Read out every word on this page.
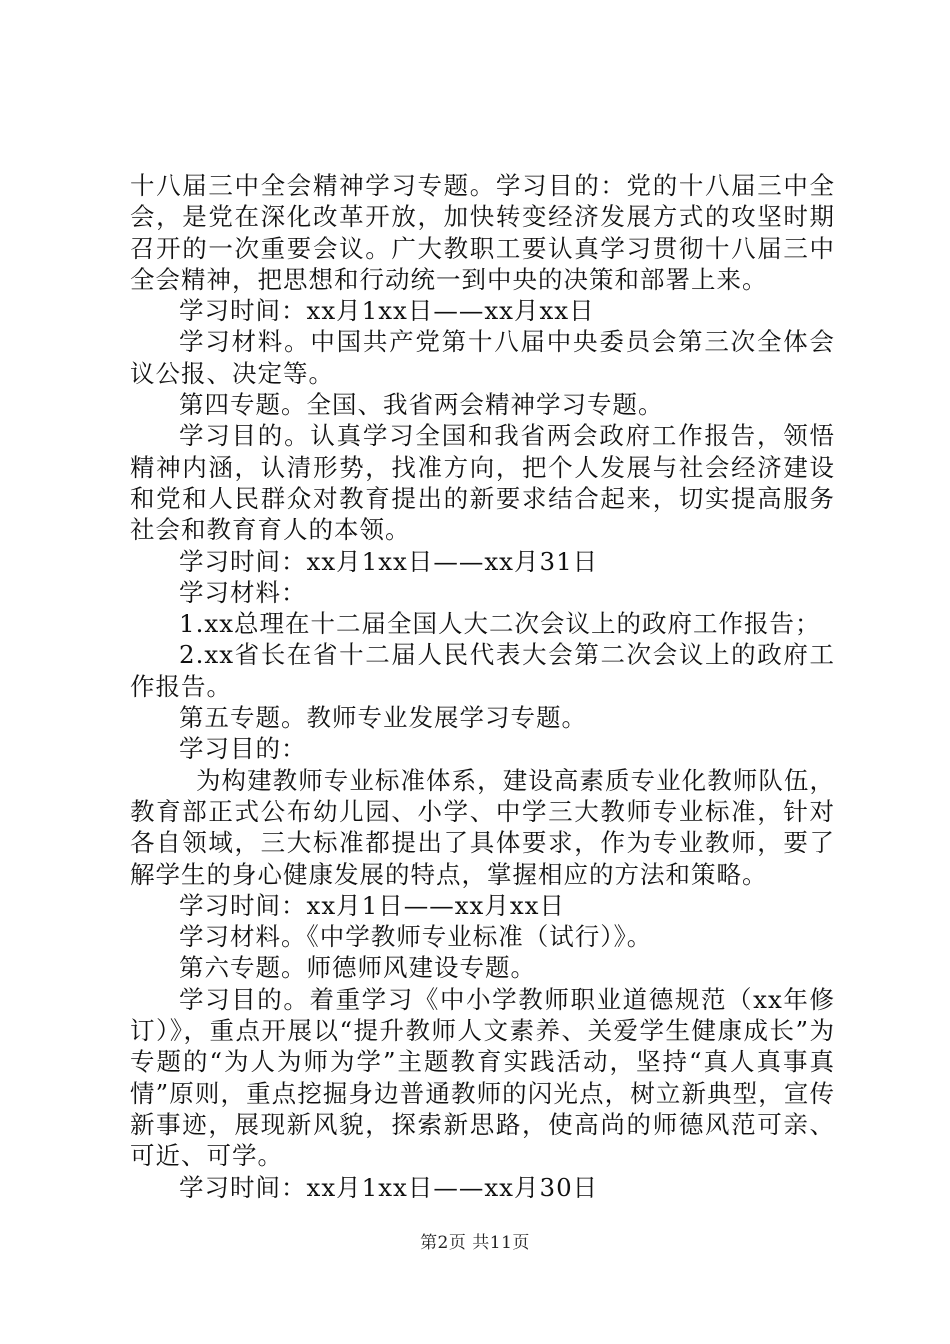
十八届三中全会精神学习专题。学习目的：党的十八届三中全会，是党在深化改革开放，加快转变经济发展方式的攻坚时期召开的一次重要会议。广大教职工要认真学习贯彻十八届三中全会精神，把思想和行动统一到中央的决策和部署上来。

学习时间：xx月1xx日——xx月xx日

学习材料。中国共产党第十八届中央委员会第三次全体会议公报、决定等。

第四专题。全国、我省两会精神学习专题。

学习目的。认真学习全国和我省两会政府工作报告，领悟精神内涵，认清形势，找准方向，把个人发展与社会经济建设和党和人民群众对教育提出的新要求结合起来，切实提高服务社会和教育育人的本领。

学习时间：xx月1xx日——xx月31日

学习材料：

1.xx总理在十二届全国人大二次会议上的政府工作报告；

2.xx省长在省十二届人民代表大会第二次会议上的政府工作报告。

第五专题。教师专业发展学习专题。

学习目的：

为构建教师专业标准体系，建设高素质专业化教师队伍，教育部正式公布幼儿园、小学、中学三大教师专业标准，针对各自领域，三大标准都提出了具体要求，作为专业教师，要了解学生的身心健康发展的特点，掌握相应的方法和策略。

学习时间：xx月1日——xx月xx日

学习材料。《中学教师专业标准（试行）》。

第六专题。师德师风建设专题。

学习目的。着重学习《中小学教师职业道德规范（xx年修订）》，重点开展以“提升教师人文素养、关爱学生健康成长”为专题的“为人为师为学”主题教育实践活动，坚持“真人真事真情”原则，重点挖掘身边普通教师的闪光点，树立新典型，宣传新事迹，展现新风貌，探索新思路，使高尚的师德风范可亲、可近、可学。

学习时间：xx月1xx日——xx月30日

第2页 共11页
